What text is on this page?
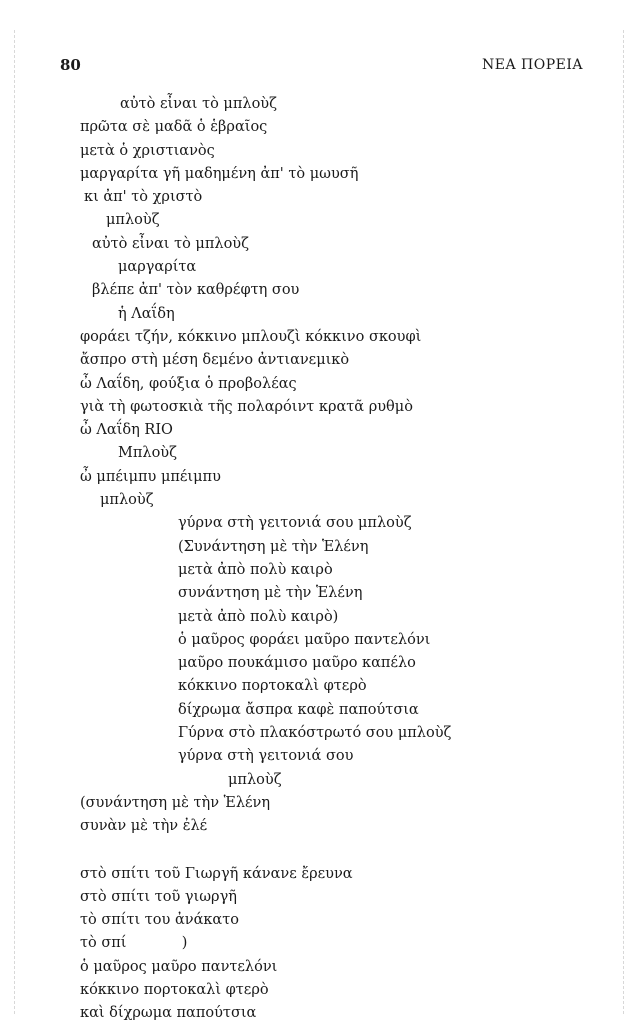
80	ΝΕΑ ΠΟΡΕΙΑ
αὐτὸ εἶναι τὸ μπλοὺζ
πρῶτα σὲ μαδᾶ ὁ ἑβραῖος
μετὰ ὁ χριστιανὸς
μαργαρίτα γῆ μαδημένη ἀπ' τὸ μωυσῆ
κι ἀπ' τὸ χριστὸ
μπλοὺζ
αὐτὸ εἶναι τὸ μπλοὺζ
μαργαρίτα
βλέπε ἀπ' τὸν καθρέφτη σου
ἡ Λαΐδη
φοράει τζήν, κόκκινο μπλουζὶ κόκκινο σκουφὶ
ἄσπρο στὴ μέση δεμένο ἀντιανεμικὸ
ὦ Λαΐδη, φούξια ὁ προβολέας
γιὰ τὴ φωτοσκιὰ τῆς πολαρόιντ κρατᾶ ρυθμὸ
ὦ Λαΐδη RIO
Μπλοὺζ
ὦ μπέιμπυ μπέιμπυ
μπλοὺζ
γύρνα στὴ γειτονιά σου μπλοὺζ
(Συνάντηση μὲ τὴν Ἑλένη
μετὰ ἀπὸ πολὺ καιρὸ
συνάντηση μὲ τὴν Ἑλένη
μετὰ ἀπὸ πολὺ καιρὸ)
ὁ μαῦρος φοράει μαῦρο παντελόνι
μαῦρο πουκάμισο μαῦρο καπέλο
κόκκινο πορτοκαλὶ φτερὸ
δίχρωμα ἄσπρα καφὲ παπούτσια
Γύρνα στὸ πλακόστρωτό σου μπλοὺζ
γύρνα στὴ γειτονιά σου
μπλοὺζ
(συνάντηση μὲ τὴν Ἑλένη
συνὰν μὲ τὴν ἐλέ
στὸ σπίτι τοῦ Γιωργῆ κάνανε ἔρευνα
στὸ σπίτι τοῦ γιωργῆ
τὸ σπίτι του ἀνάκατο
τὸ σπί            )
ὁ μαῦρος μαῦρο παντελόνι
κόκκινο πορτοκαλὶ φτερὸ
καὶ δίχρωμα παπούτσια
